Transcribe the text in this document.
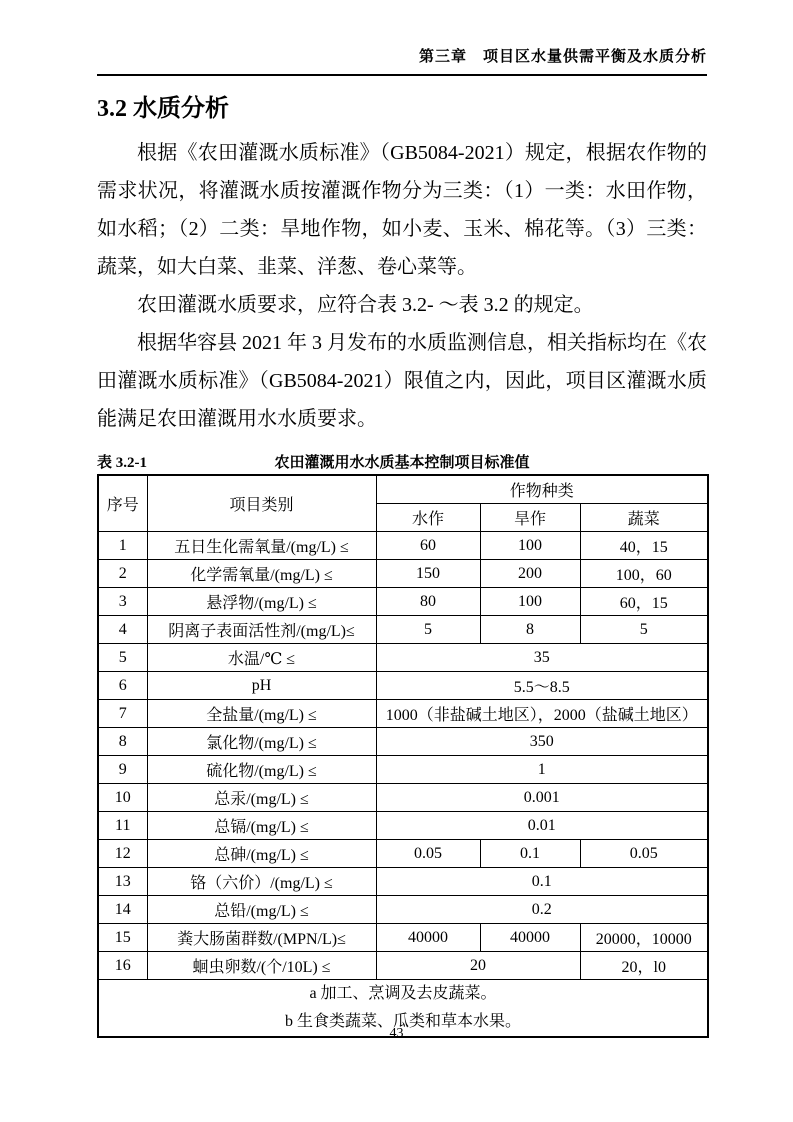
第三章　项目区水量供需平衡及水质分析
3.2 水质分析

根据《农田灌溉水质标准》（GB5084-2021）规定，根据农作物的需求状况，将灌溉水质按灌溉作物分为三类：（1）一类：水田作物，如水稻；（2）二类：旱地作物，如小麦、玉米、棉花等。（3）三类：蔬菜，如大白菜、韭菜、洋葱、卷心菜等。

农田灌溉水质要求，应符合表 3.2- ～表 3.2 的规定。

根据华容县 2021 年 3 月发布的水质监测信息，相关指标均在《农田灌溉水质标准》（GB5084-2021）限值之内，因此，项目区灌溉水质能满足农田灌溉用水水质要求。

表 3.2-1	农田灌溉用水水质基本控制项目标准值
序号	项目类别	作物种类		
		水作	旱作	蔬菜
1	五日生化需氧量/(mg/L) ≤	60	100	40，15
2	化学需氧量/(mg/L) ≤	150	200	100，60
3	悬浮物/(mg/L) ≤	80	100	60，15
4	阴离子表面活性剂/(mg/L)≤	5	8	5
5	水温/℃ ≤	35		
6	pH	5.5～8.5		
7	全盐量/(mg/L) ≤	1000（非盐碱土地区），2000（盐碱土地区）		
8	氯化物/(mg/L) ≤	350		
9	硫化物/(mg/L) ≤	1		
10	总汞/(mg/L) ≤	0.001		
11	总镉/(mg/L) ≤	0.01		
12	总砷/(mg/L) ≤	0.05	0.1	0.05
13	铬（六价）/(mg/L) ≤	0.1		
14	总铅/(mg/L) ≤	0.2		
15	粪大肠菌群数/(MPN/L)≤	40000	40000	20000，10000
16	蛔虫卵数/(个/10L) ≤	20		20，l0

a 加工、烹调及去皮蔬菜。
b 生食类蔬菜、瓜类和草本水果。				
43
